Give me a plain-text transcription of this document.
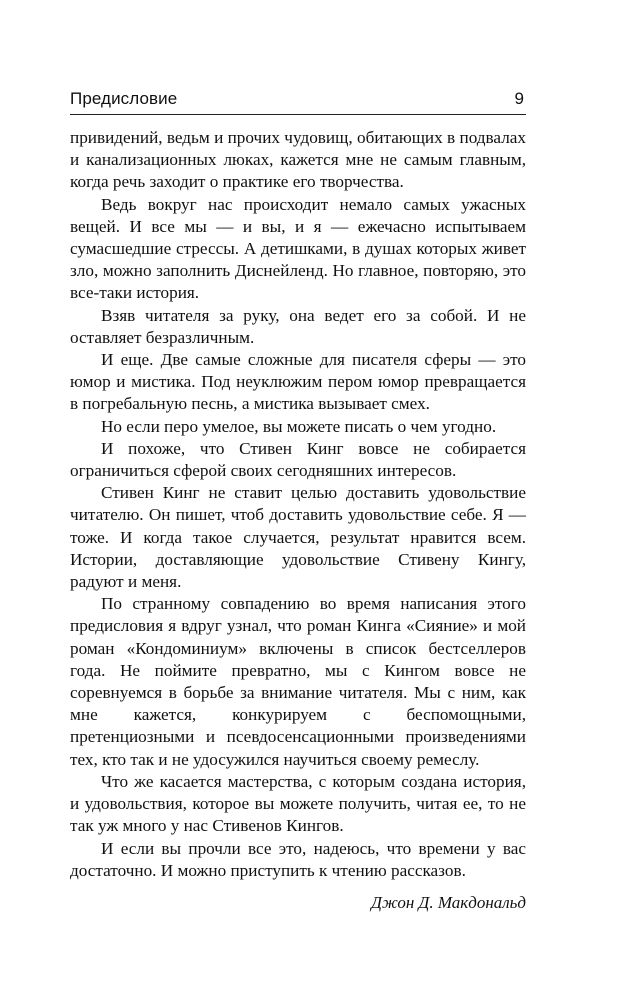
Предисловие	9

привидений, ведьм и прочих чудовищ, обитающих в подвалах и канализационных люках, кажется мне не самым главным, когда речь заходит о практике его творчества.

Ведь вокруг нас происходит немало самых ужасных вещей. И все мы — и вы, и я — ежечасно испытываем сумасшедшие стрессы. А детишками, в душах которых живет зло, можно заполнить Диснейленд. Но главное, повторяю, это все-таки история.

Взяв читателя за руку, она ведет его за собой. И не оставляет безразличным.

И еще. Две самые сложные для писателя сферы — это юмор и мистика. Под неуклюжим пером юмор превращается в погребальную песнь, а мистика вызывает смех.

Но если перо умелое, вы можете писать о чем угодно.

И похоже, что Стивен Кинг вовсе не собирается ограничиться сферой своих сегодняшних интересов.

Стивен Кинг не ставит целью доставить удовольствие читателю. Он пишет, чтоб доставить удовольствие себе. Я — тоже. И когда такое случается, результат нравится всем. Истории, доставляющие удовольствие Стивену Кингу, радуют и меня.

По странному совпадению во время написания этого предисловия я вдруг узнал, что роман Кинга «Сияние» и мой роман «Кондоминиум» включены в список бестселлеров года. Не поймите превратно, мы с Кингом вовсе не соревнуемся в борьбе за внимание читателя. Мы с ним, как мне кажется, конкурируем с беспомощными, претенциозными и псевдосенсационными произведениями тех, кто так и не удосужился научиться своему ремеслу.

Что же касается мастерства, с которым создана история, и удовольствия, которое вы можете получить, читая ее, то не так уж много у нас Стивенов Кингов.

И если вы прочли все это, надеюсь, что времени у вас достаточно. И можно приступить к чтению рассказов.

Джон Д. Макдональд
